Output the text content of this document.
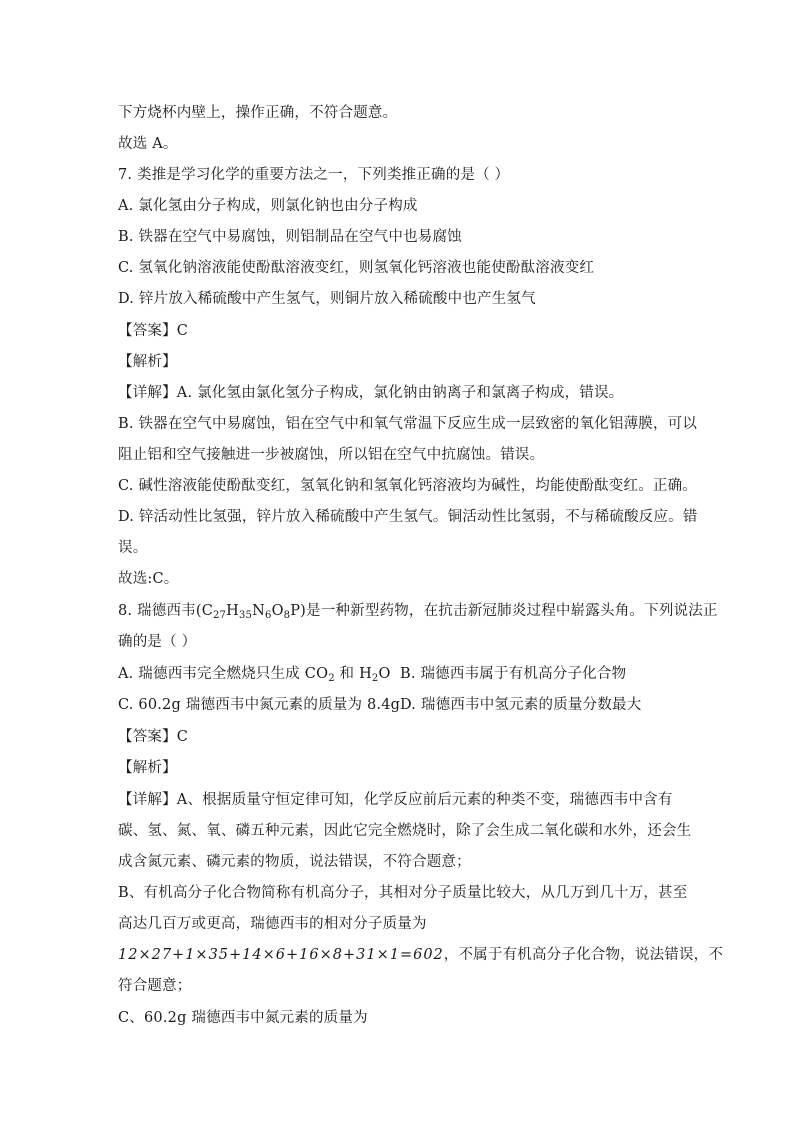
下方烧杯内壁上，操作正确，不符合题意。
故选 A。
7. 类推是学习化学的重要方法之一，下列类推正确的是（ ）
A. 氯化氢由分子构成，则氯化钠也由分子构成
B. 铁器在空气中易腐蚀，则铝制品在空气中也易腐蚀
C. 氢氧化钠溶液能使酚酞溶液变红，则氢氧化钙溶液也能使酚酞溶液变红
D. 锌片放入稀硫酸中产生氢气，则铜片放入稀硫酸中也产生氢气
【答案】C
【解析】
【详解】A. 氯化氢由氯化氢分子构成，氯化钠由钠离子和氯离子构成，错误。
B. 铁器在空气中易腐蚀，铝在空气中和氧气常温下反应生成一层致密的氧化铝薄膜，可以
阻止铝和空气接触进一步被腐蚀，所以铝在空气中抗腐蚀。错误。
C. 碱性溶液能使酚酞变红，氢氧化钠和氢氧化钙溶液均为碱性，均能使酚酞变红。正确。
D. 锌活动性比氢强，锌片放入稀硫酸中产生氢气。铜活动性比氢弱，不与稀硫酸反应。错
误。
故选:C。
8. 瑞德西韦$(C_{27}H_{35}N_6O_8P)$是一种新型药物，在抗击新冠肺炎过程中崭露头角。下列说法正
确的是（ ）
A. 瑞德西韦完全燃烧只生成 $CO_2$ 和 $H_2O$ B. 瑞德西韦属于有机高分子化合物
C. 60.2g 瑞德西韦中氮元素的质量为 8.4g D. 瑞德西韦中氢元素的质量分数最大
【答案】C
【解析】
【详解】A、根据质量守恒定律可知，化学反应前后元素的种类不变，瑞德西韦中含有
碳、氢、氮、氧、磷五种元素，因此它完全燃烧时，除了会生成二氧化碳和水外，还会生
成含氮元素、磷元素的物质，说法错误，不符合题意；
B、有机高分子化合物简称有机高分子，其相对分子质量比较大，从几万到几十万，甚至
高达几百万或更高，瑞德西韦的相对分子质量为
12×27+1×35+14×6+16×8+31×1=602，不属于有机高分子化合物，说法错误，不
符合题意；
C、60.2g 瑞德西韦中氮元素的质量为
